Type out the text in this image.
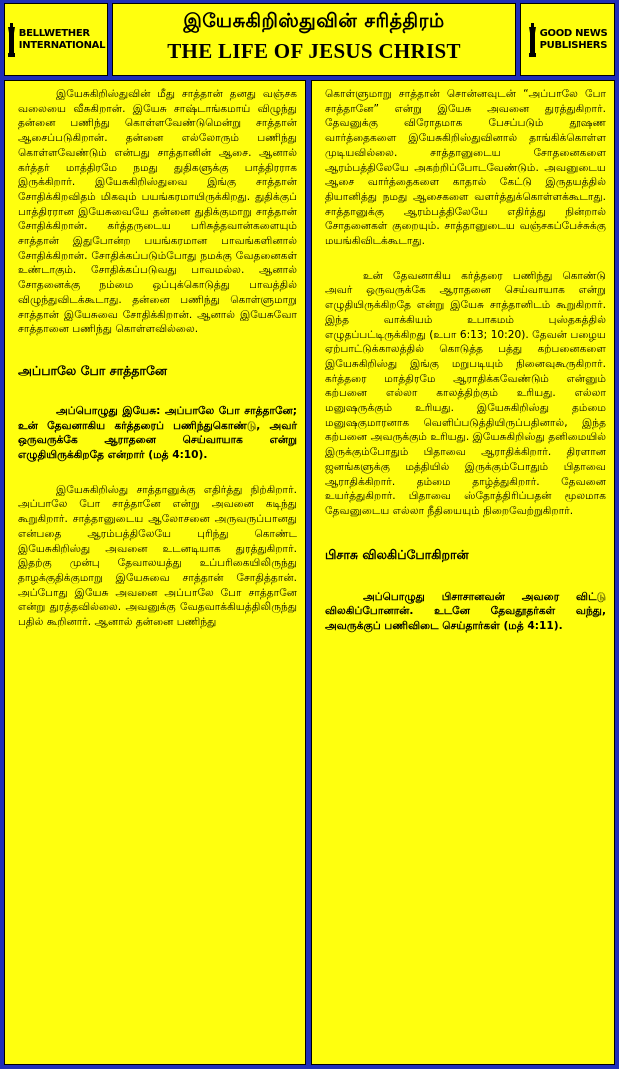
BELLWETHER
INTERNATIONAL
இயேசுகிறிஸ்துவின் சரித்திரம்
THE LIFE OF JESUS CHRIST
GOOD NEWS
PUBLISHERS

இயேசுகிறிஸ்துவின் மீது சாத்தான் தனது வஞ்சக வலையை வீசுகிறான். இயேசு சாஷ்டாங்கமாய் விழுந்து தன்னை பணிந்து கொள்ளவேண்டுமென்று சாத்தான் ஆசைப்படுகிறான். தன்னை எல்லோரும் பணிந்து கொள்ளவேண்டும் என்பது சாத்தானின் ஆசை. ஆனால் கர்த்தர் மாத்திரமே நமது துதிகளுக்கு பாத்திரராக இருக்கிறார். இயேசுகிறிஸ்துவை இங்கு சாத்தான் சோதிக்கிறவிதம் மிகவும் பயங்கரமாயிருக்கிறது. துதிக்குப் பாத்திரரான இயேசுவையே தன்னை துதிக்குமாறு சாத்தான் சோதிக்கிறான். கர்த்தருடைய பரிசுத்தவான்களையும் சாத்தான் இதுபோன்ற பயங்கரமான பாவங்களினால் சோதிக்கிறான். சோதிக்கப்படும்போது நமக்கு வேதனைகள் உண்டாகும். சோதிக்கப்படுவது பாவமல்ல. ஆனால் சோதனைக்கு நம்மை ஒப்புக்கொடுத்து பாவத்தில் விழுந்துவிடக்கூடாது. தன்னை பணிந்து கொள்ளுமாறு சாத்தான் இயேசுவை சோதிக்கிறான். ஆனால் இயேசுவோ சாத்தானை பணிந்து கொள்ளவில்லை.

அப்பாலே போ சாத்தானே

அப்பொழுது இயேசு: அப்பாலே போ சாத்தானே; உன் தேவனாகிய கர்த்தரைப் பணிந்துகொண்டு, அவர் ஒருவருக்கே ஆராதனை செய்வாயாக என்று எழுதியிருக்கிறதே என்றார் (மத் 4:10).

இயேசுகிறிஸ்து சாத்தானுக்கு எதிர்த்து நிற்கிறார். அப்பாலே போ சாத்தானே என்று அவனை கடிந்து கூறுகிறார். சாத்தானுடைய ஆலோசனை அருவருப்பானது என்பதை ஆரம்பத்திலேயே புரிந்து கொண்ட இயேசுகிறிஸ்து அவனை உடனடியாக துரத்துகிறார். இதற்கு முன்பு தேவாலயத்து உப்பரிகையிலிருந்து தாழக்குதிக்குமாறு இயேசுவை சாத்தான் சோதித்தான். அப்போது இயேசு அவனை அப்பாலே போ சாத்தானே என்று துரத்தவில்லை. அவனுக்கு வேதவாக்கியத்திலிருந்து பதில் கூறினார். ஆனால் தன்னை பணிந்து

கொள்ளுமாறு சாத்தான் சொன்னவுடன் “அப்பாலே போ சாத்தானே” என்று இயேசு அவனை துரத்துகிறார். தேவனுக்கு விரோதமாக பேசப்படும் தூஷண வார்த்தைகளை இயேசுகிறிஸ்துவினால் தாங்கிக்கொள்ள முடியவில்லை. சாத்தானுடைய சோதனைகளை ஆரம்பத்திலேயே அகற்றிப்போடவேண்டும். அவனுடைய ஆசை வார்த்தைகளை காதால் கேட்டு இருதயத்தில் தியானித்து நமது ஆசைகளை வளர்த்துக்கொள்ளக்கூடாது. சாத்தானுக்கு ஆரம்பத்திலேயே எதிர்த்து நின்றால் சோதனைகள் குறையும். சாத்தானுடைய வஞ்சகப்பேச்சுக்கு மயங்கிவிடக்கூடாது.

உன் தேவனாகிய கர்த்தரை பணிந்து கொண்டு அவர் ஒருவருக்கே ஆராதனை செய்வாயாக என்று எழுதியிருக்கிறதே என்று இயேசு சாத்தானிடம் கூறுகிறார். இந்த வாக்கியம் உபாகமம் புஸ்தகத்தில் எழுதப்பட்டிருக்கிறது (உபா 6:13; 10:20). தேவன் பழைய ஏற்பாட்டுக்காலத்தில் கொடுத்த பத்து கற்பனைகளை இயேசுகிறிஸ்து இங்கு மறுபடியும் நினைவுகூருகிறார். கர்த்தரை மாத்திரமே ஆராதிக்கவேண்டும் என்னும் கற்பனை எல்லா காலத்திற்கும் உரியது. எல்லா மனுஷருக்கும் உரியது. இயேசுகிறிஸ்து தம்மை மனுஷகுமாரனாக வெளிப்படுத்தியிருப்பதினால், இந்த கற்பனை அவருக்கும் உரியது. இயேசுகிறிஸ்து தனிமையில் இருக்கும்போதும் பிதாவை ஆராதிக்கிறார். திரளான ஜனங்களுக்கு மத்தியில் இருக்கும்போதும் பிதாவை ஆராதிக்கிறார். தம்மை தாழ்த்துகிறார். தேவனை உயர்த்துகிறார். பிதாவை ஸ்தோத்திரிப்பதன் மூலமாக தேவனுடைய எல்லா நீதியையும் நிறைவேற்றுகிறார்.

பிசாசு விலகிப்போகிறான்

அப்பொழுது பிசாசானவன் அவரை விட்டு விலகிப்போனான். உடனே தேவதூதர்கள் வந்து, அவருக்குப் பணிவிடை செய்தார்கள் (மத் 4:11).
